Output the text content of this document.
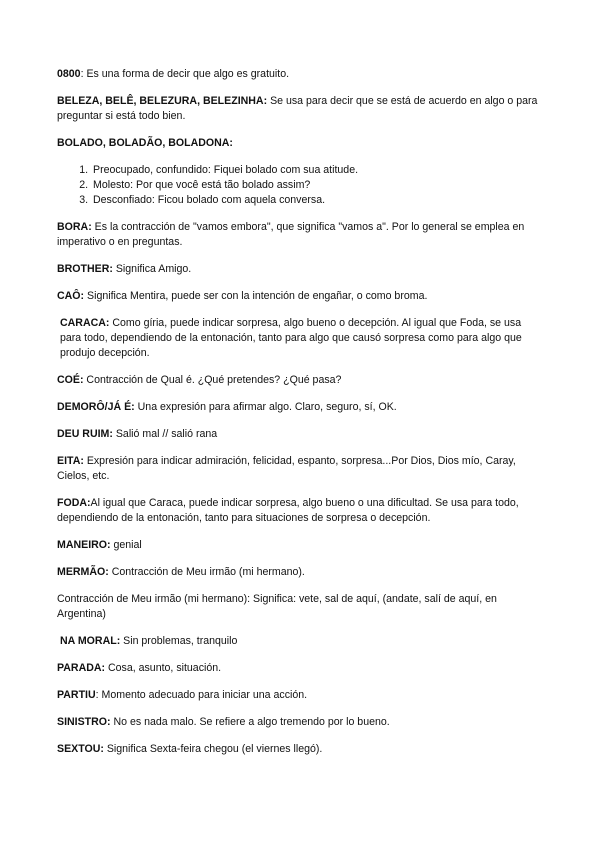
0800: Es una forma de decir que algo es gratuito.

BELEZA, BELÊ, BELEZURA, BELEZINHA: Se usa para decir que se está de acuerdo en algo o para preguntar si está todo bien.

BOLADO, BOLADÃO, BOLADONA:

1. Preocupado, confundido: Fiquei bolado com sua atitude.
2. Molesto: Por que você está tão bolado assim?
3. Desconfiado: Ficou bolado com aquela conversa.

BORA: Es la contracción de "vamos embora", que significa "vamos a". Por lo general se emplea en imperativo o en preguntas.

BROTHER: Significa Amigo.

CAÔ: Significa Mentira, puede ser con la intención de engañar, o como broma.

CARACA: Como gíria, puede indicar sorpresa, algo bueno o decepción. Al igual que Foda, se usa para todo, dependiendo de la entonación, tanto para algo que causó sorpresa como para algo que produjo decepción.

COÉ: Contracción de Qual é. ¿Qué pretendes? ¿Qué pasa?

DEMORÔ/JÁ É: Una expresión para afirmar algo. Claro, seguro, sí, OK.

DEU RUIM: Salió mal // salió rana

EITA: Expresión para indicar admiración, felicidad, espanto, sorpresa...Por Dios, Dios mío, Caray, Cielos, etc.

FODA:Al igual que Caraca, puede indicar sorpresa, algo bueno o una dificultad. Se usa para todo, dependiendo de la entonación, tanto para situaciones de sorpresa o decepción.

MANEIRO: genial

MERMÃO: Contracción de Meu irmão (mi hermano).

Contracción de Meu irmão (mi hermano): Significa: vete, sal de aquí, (andate, salí de aquí, en Argentina)

NA MORAL: Sin problemas, tranquilo

PARADA: Cosa, asunto, situación.

PARTIU: Momento adecuado para iniciar una acción.

SINISTRO: No es nada malo. Se refiere a algo tremendo por lo bueno.

SEXTOU: Significa Sexta-feira chegou (el viernes llegó).
